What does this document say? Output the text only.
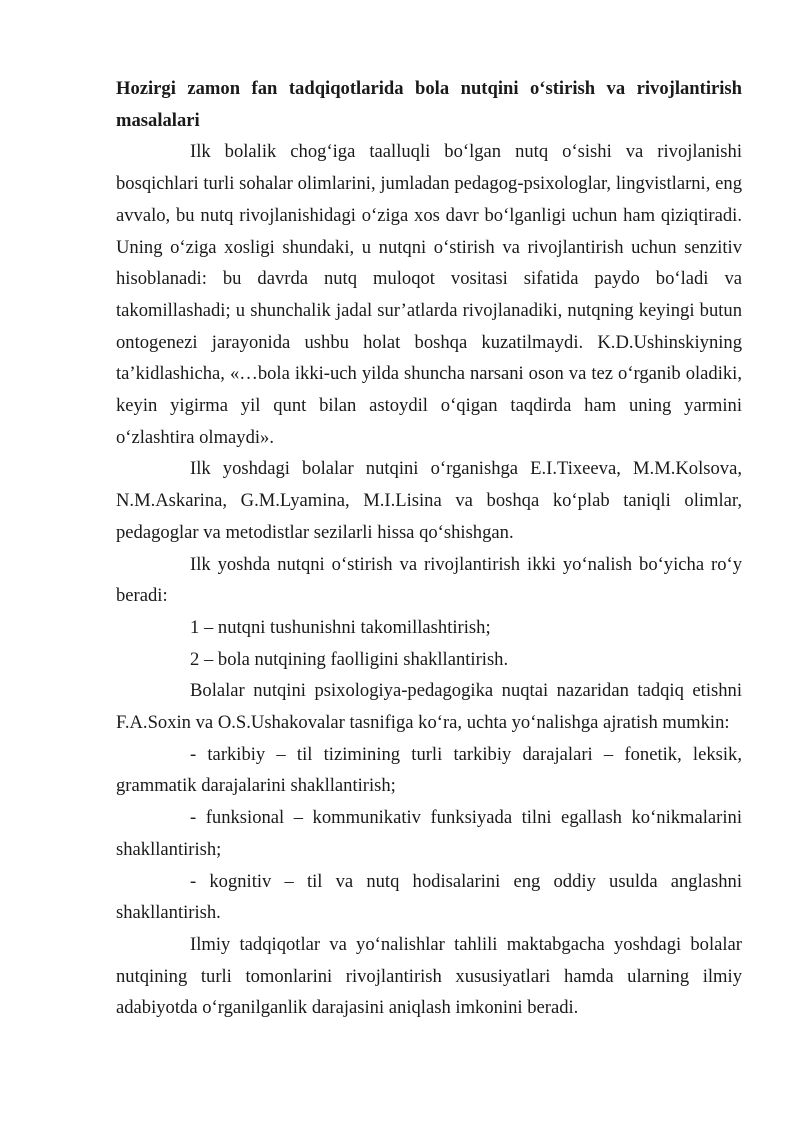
Hozirgi zamon fan tadqiqotlarida bola nutqini o‘stirish va rivojlantirish masalalari

Ilk bolalik chog‘iga taalluqli bo‘lgan nutq o‘sishi va rivojlanishi bosqichlari turli sohalar olimlarini, jumladan pedagog-psixologlar, lingvistlarni, eng avvalo, bu nutq rivojlanishidagi o‘ziga xos davr bo‘lganligi uchun ham qiziqtiradi. Uning o‘ziga xosligi shundaki, u nutqni o‘stirish va rivojlantirish uchun senzitiv hisoblanadi: bu davrda nutq muloqot vositasi sifatida paydo bo‘ladi va takomillashadi; u shunchalik jadal sur’atlarda rivojlanadiki, nutqning keyingi butun ontogenezi jarayonida ushbu holat boshqa kuzatilmaydi. K.D.Ushinskiyning ta’kidlashicha, «…bola ikki-uch yilda shuncha narsani oson va tez o‘rganib oladiki, keyin yigirma yil qunt bilan astoydil o‘qigan taqdirda ham uning yarmini o‘zlashtira olmaydi».

Ilk yoshdagi bolalar nutqini o‘rganishga E.I.Tixeeva, M.M.Kolsova, N.M.Askarina, G.M.Lyamina, M.I.Lisina va boshqa ko‘plab taniqli olimlar, pedagoglar va metodistlar sezilarli hissa qo‘shishgan.

Ilk yoshda nutqni o‘stirish va rivojlantirish ikki yo‘nalish bo‘yicha ro‘y beradi:

1 – nutqni tushunishni takomillashtirish;

2 – bola nutqining faolligini shakllantirish.

Bolalar nutqini psixologiya-pedagogika nuqtai nazaridan tadqiq etishni F.A.Soxin va O.S.Ushakovalar tasnifiga ko‘ra, uchta yo‘nalishga ajratish mumkin:

- tarkibiy – til tizimining turli tarkibiy darajalari – fonetik, leksik, grammatik darajalarini shakllantirish;

- funksional – kommunikativ funksiyada tilni egallash ko‘nikmalarini shakllantirish;

- kognitiv – til va nutq hodisalarini eng oddiy usulda anglashni shakllantirish.

Ilmiy tadqiqotlar va yo‘nalishlar tahlili maktabgacha yoshdagi bolalar nutqining turli tomonlarini rivojlantirish xususiyatlari hamda ularning ilmiy adabiyotda o‘rganilganlik darajasini aniqlash imkonini beradi.
